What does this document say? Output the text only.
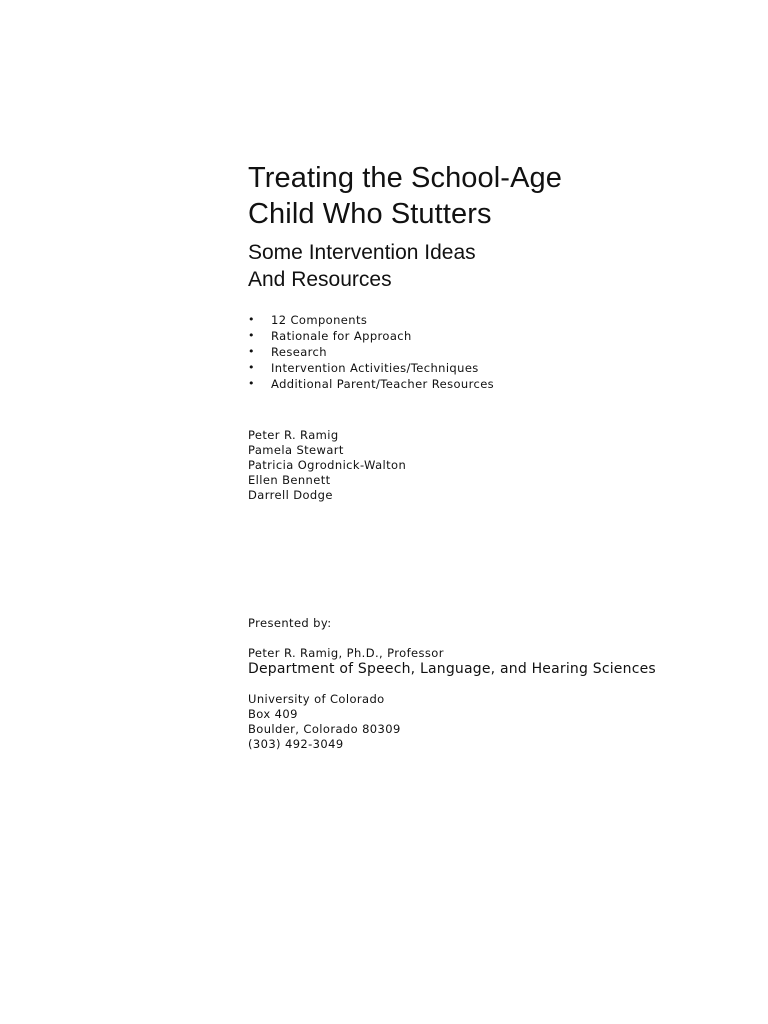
Treating the School-Age
Child Who Stutters
Some Intervention Ideas
And Resources
• 12 Components
• Rationale for Approach
• Research
• Intervention Activities/Techniques
• Additional Parent/Teacher Resources
Peter R. Ramig
Pamela Stewart
Patricia Ogrodnick-Walton
Ellen Bennett
Darrell Dodge
Presented by:
Peter R. Ramig, Ph.D., Professor
Department of Speech, Language, and Hearing Sciences
University of Colorado
Box 409
Boulder, Colorado 80309
(303) 492-3049
